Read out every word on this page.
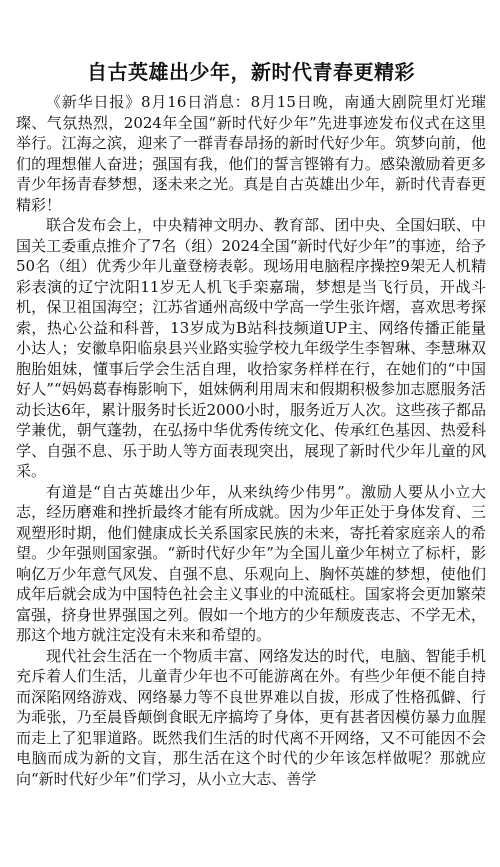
自古英雄出少年，新时代青春更精彩

《新华日报》8月16日消息：8月15日晚，南通大剧院里灯光璀璨、气氛热烈，2024年全国“新时代好少年”先进事迹发布仪式在这里举行。江海之滨，迎来了一群青春昂扬的新时代好少年。筑梦向前，他们的理想催人奋进；强国有我，他们的誓言铿锵有力。感染激励着更多青少年扬青春梦想，逐未来之光。真是自古英雄出少年，新时代青春更精彩！

联合发布会上，中央精神文明办、教育部、团中央、全国妇联、中国关工委重点推介了7名（组）2024全国“新时代好少年”的事迹，给予50名（组）优秀少年儿童登榜表彰。现场用电脑程序操控9架无人机精彩表演的辽宁沈阳11岁无人机飞手栾嘉瑞，梦想是当飞行员，开战斗机，保卫祖国海空；江苏省通州高级中学高一学生张许熠，喜欢思考探索，热心公益和科普，13岁成为B站科技频道UP主、网络传播正能量小达人；安徽阜阳临泉县兴业路实验学校九年级学生李智琳、李慧琳双胞胎姐妹，懂事后学会生活自理，收拾家务样样在行，在她们的“中国好人”“妈妈葛春梅影响下，姐妹俩利用周末和假期积极参加志愿服务活动长达6年，累计服务时长近2000小时，服务近万人次。这些孩子都品学兼优，朝气蓬勃，在弘扬中华优秀传统文化、传承红色基因、热爱科学、自强不息、乐于助人等方面表现突出，展现了新时代少年儿童的风采。

有道是“自古英雄出少年，从来纨绔少伟男”。激励人要从小立大志，经历磨难和挫折最终才能有所成就。因为少年正处于身体发育、三观塑形时期，他们健康成长关系国家民族的未来，寄托着家庭亲人的希望。少年强则国家强。“新时代好少年”为全国儿童少年树立了标杆，影响亿万少年意气风发、自强不息、乐观向上、胸怀英雄的梦想，使他们成年后就会成为中国特色社会主义事业的中流砥柱。国家将会更加繁荣富强，挤身世界强国之列。假如一个地方的少年颓废丧志、不学无术，那这个地方就注定没有未来和希望的。

现代社会生活在一个物质丰富、网络发达的时代，电脑、智能手机充斥着人们生活，儿童青少年也不可能游离在外。有些少年便不能自持而深陷网络游戏、网络暴力等不良世界难以自拔，形成了性格孤僻、行为乖张，乃至晨昏颠倒食眠无序搞垮了身体，更有甚者因模仿暴力血腥而走上了犯罪道路。既然我们生活的时代离不开网络，又不可能因不会电脑而成为新的文盲，那生活在这个时代的少年该怎样做呢？那就应向“新时代好少年”们学习，从小立大志、善学
